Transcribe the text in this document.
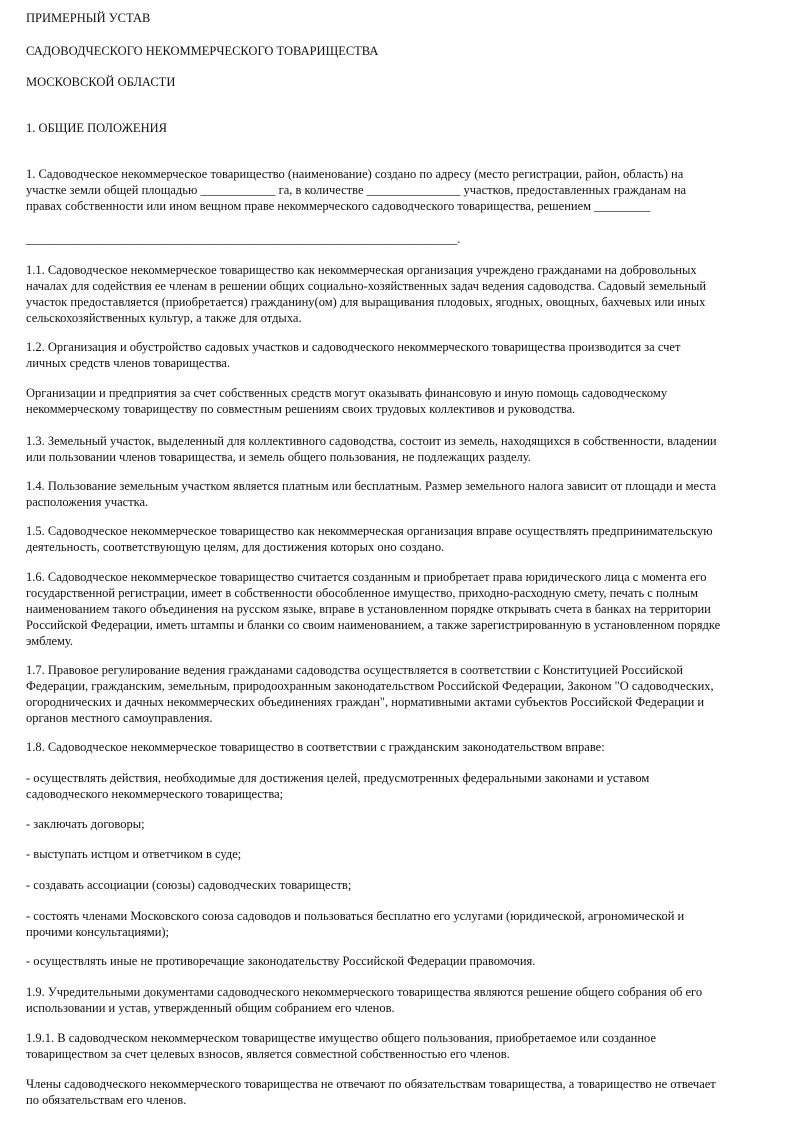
ПРИМЕРНЫЙ УСТАВ
САДОВОДЧЕСКОГО НЕКОММЕРЧЕСКОГО ТОВАРИЩЕСТВА
МОСКОВСКОЙ ОБЛАСТИ
1. ОБЩИЕ ПОЛОЖЕНИЯ
1. Садоводческое некоммерческое товарищество (наименование) создано по адресу (место регистрации, район, область) на
участке земли общей площадью ____________ га, в количестве _______________ участков, предоставленных гражданам на
правах собственности или ином вещном праве некоммерческого садоводческого товарищества, решением _________
_____________________________________________________________________.
1.1. Садоводческое некоммерческое товарищество как некоммерческая организация учреждено гражданами на добровольных
началах для содействия ее членам в решении общих социально-хозяйственных задач ведения садоводства. Садовый земельный
участок предоставляется (приобретается) гражданину(ом) для выращивания плодовых, ягодных, овощных, бахчевых или иных
сельскохозяйственных культур, а также для отдыха.
1.2. Организация и обустройство садовых участков и садоводческого некоммерческого товарищества производится за счет
личных средств членов товарищества.
Организации и предприятия за счет собственных средств могут оказывать финансовую и иную помощь садоводческому
некоммерческому товариществу по совместным решениям своих трудовых коллективов и руководства.
1.3. Земельный участок, выделенный для коллективного садоводства, состоит из земель, находящихся в собственности, владении
или пользовании членов товарищества, и земель общего пользования, не подлежащих разделу.
1.4. Пользование земельным участком является платным или бесплатным. Размер земельного налога зависит от площади и места
расположения участка.
1.5. Садоводческое некоммерческое товарищество как некоммерческая организация вправе осуществлять предпринимательскую
деятельность, соответствующую целям, для достижения которых оно создано.
1.6. Садоводческое некоммерческое товарищество считается созданным и приобретает права юридического лица с момента его
государственной регистрации, имеет в собственности обособленное имущество, приходно-расходную смету, печать с полным
наименованием такого объединения на русском языке, вправе в установленном порядке открывать счета в банках на территории
Российской Федерации, иметь штампы и бланки со своим наименованием, а также зарегистрированную в установленном порядке
эмблему.
1.7. Правовое регулирование ведения гражданами садоводства осуществляется в соответствии с Конституцией Российской
Федерации, гражданским, земельным, природоохранным законодательством Российской Федерации, Законом "О садоводческих,
огороднических и дачных некоммерческих объединениях граждан", нормативными актами субъектов Российской Федерации и
органов местного самоуправления.
1.8. Садоводческое некоммерческое товарищество в соответствии с гражданским законодательством вправе:
- осуществлять действия, необходимые для достижения целей, предусмотренных федеральными законами и уставом
садоводческого некоммерческого товарищества;
- заключать договоры;
- выступать истцом и ответчиком в суде;
- создавать ассоциации (союзы) садоводческих товариществ;
- состоять членами Московского союза садоводов и пользоваться бесплатно его услугами (юридической, агрономической и
прочими консультациями);
- осуществлять иные не противоречащие законодательству Российской Федерации правомочия.
1.9. Учредительными документами садоводческого некоммерческого товарищества являются решение общего собрания об его
использовании и устав, утвержденный общим собранием его членов.
1.9.1. В садоводческом некоммерческом товариществе имущество общего пользования, приобретаемое или созданное
товариществом за счет целевых взносов, является совместной собственностью его членов.
Члены садоводческого некоммерческого товарищества не отвечают по обязательствам товарищества, а товарищество не отвечает
по обязательствам его членов.
